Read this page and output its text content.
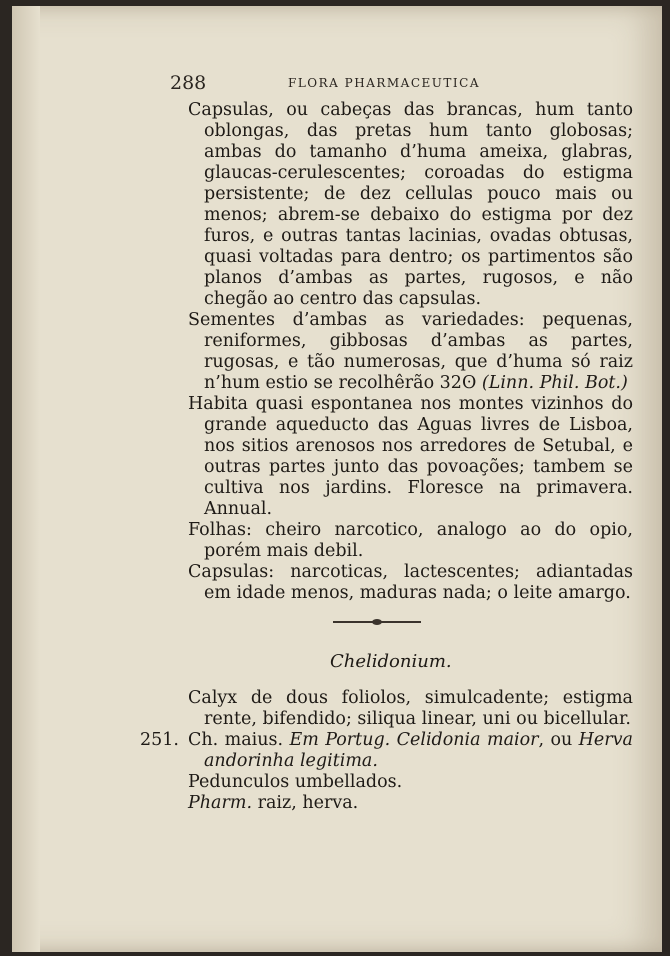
288	FLORA PHARMACEUTICA

Capsulas, ou cabeças das brancas, hum tanto oblongas, das pretas hum tanto globosas; ambas do tamanho d’huma ameixa, glabras, glaucas-cerulescentes; coroadas do estigma persistente; de dez cellulas pouco mais ou menos; abrem-se debaixo do estigma por dez furos, e outras tantas lacinias, ovadas obtusas, quasi voltadas para dentro; os partimentos são planos d’ambas as partes, rugosos, e não chegão ao centro das capsulas.

Sementes d’ambas as variedades: pequenas, reniformes, gibbosas d’ambas as partes, rugosas, e tão numerosas, que d’huma só raiz n’hum estio se recolhêrão 32ʘ (Linn. Phil. Bot.)

Habita quasi espontanea nos montes vizinhos do grande aqueducto das Aguas livres de Lisboa, nos sitios arenosos nos arredores de Setubal, e outras partes junto das povoações; tambem se cultiva nos jardins. Floresce na primavera. Annual.

Folhas: cheiro narcotico, analogo ao do opio, porém mais debil.

Capsulas: narcoticas, lactescentes; adiantadas em idade menos, maduras nada; o leite amargo.

Chelidonium.

Calyx de dous foliolos, simulcadente; estigma rente, bifendido; siliqua linear, uni ou bicellular.

251. Ch. maius. Em Portug. Celidonia maior, ou Herva andorinha legitima.

Pedunculos umbellados.

Pharm. raiz, herva.
